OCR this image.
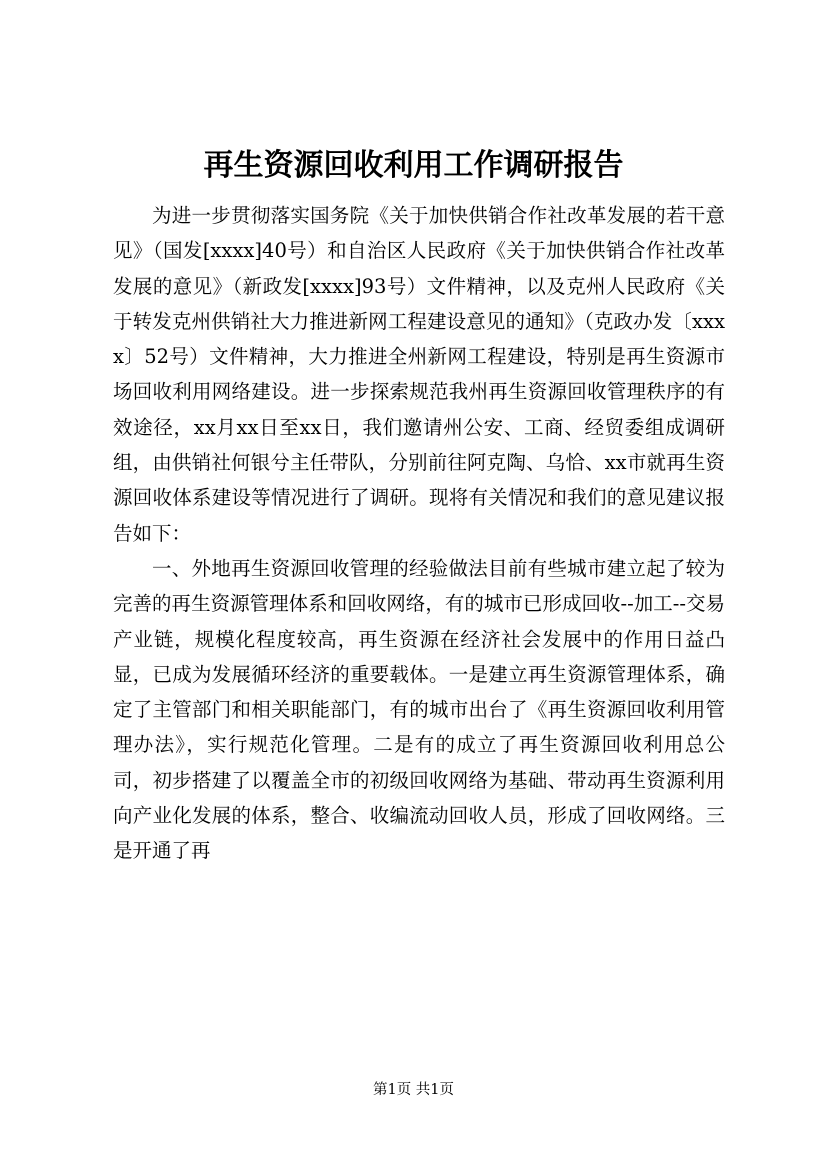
再生资源回收利用工作调研报告

为进一步贯彻落实国务院《关于加快供销合作社改革发展的若干意见》（国发[xxxx]40号）和自治区人民政府《关于加快供销合作社改革发展的意见》（新政发[xxxx]93号）文件精神，以及克州人民政府《关于转发克州供销社大力推进新网工程建设意见的通知》（克政办发〔xxxx〕52号）文件精神，大力推进全州新网工程建设，特别是再生资源市场回收利用网络建设。进一步探索规范我州再生资源回收管理秩序的有效途径，xx月xx日至xx日，我们邀请州公安、工商、经贸委组成调研组，由供销社何银兮主任带队，分别前往阿克陶、乌恰、xx市就再生资源回收体系建设等情况进行了调研。现将有关情况和我们的意见建议报告如下：

一、外地再生资源回收管理的经验做法目前有些城市建立起了较为完善的再生资源管理体系和回收网络，有的城市已形成回收--加工--交易产业链，规模化程度较高，再生资源在经济社会发展中的作用日益凸显，已成为发展循环经济的重要载体。一是建立再生资源管理体系，确定了主管部门和相关职能部门，有的城市出台了《再生资源回收利用管理办法》，实行规范化管理。二是有的成立了再生资源回收利用总公司，初步搭建了以覆盖全市的初级回收网络为基础、带动再生资源利用向产业化发展的体系，整合、收编流动回收人员，形成了回收网络。三是开通了再

第1页 共1页
